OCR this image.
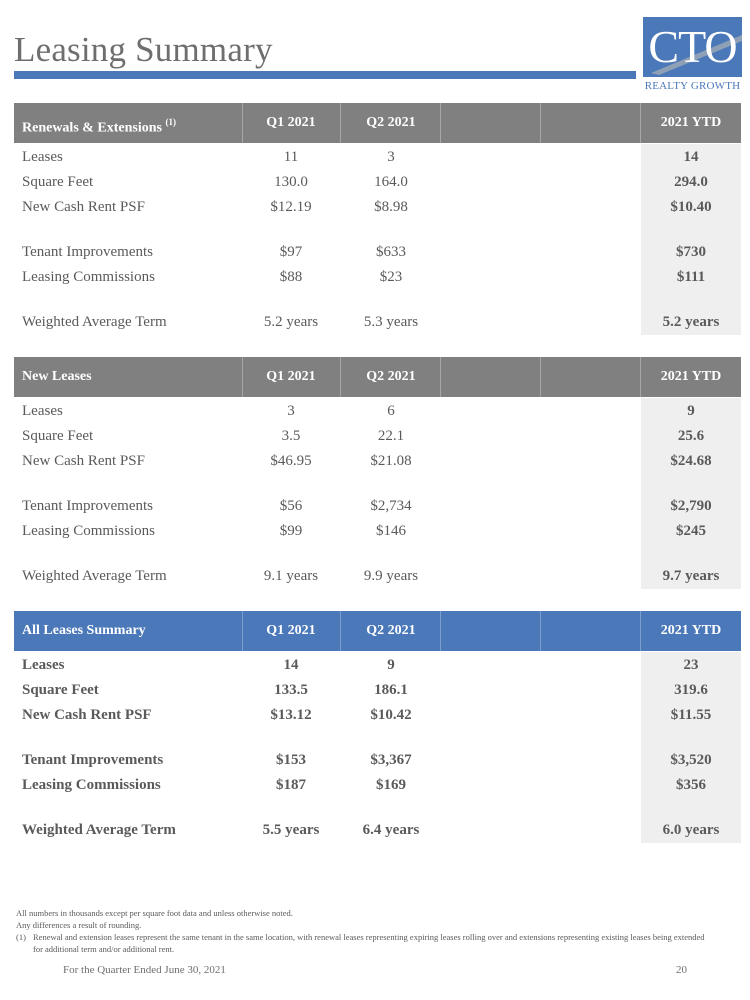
Leasing Summary	CTO
REALTY GROWTH
Renewals & Extensions $^{(1)}$	Q1 2021	Q2 2021	2021 YTD
Leases	11	3	14
Square Feet	130.0	164.0	294.0
New Cash Rent PSF	$12.19	$8.98	$10.40
Tenant Improvements	$97	$633	$730
Leasing Commissions	$88	$23	$111
Weighted Average Term	5.2 years	5.3 years	5.2 years
New Leases	Q1 2021	Q2 2021	2021 YTD
Leases	3	6	9
Square Feet	3.5	22.1	25.6
New Cash Rent PSF	$46.95	$21.08	$24.68
Tenant Improvements	$56	$2,734	$2,790
Leasing Commissions	$99	$146	$245
Weighted Average Term	9.1 years	9.9 years	9.7 years
All Leases Summary	Q1 2021	Q2 2021	2021 YTD
Leases	14	9	23
Square Feet	133.5	186.1	319.6
New Cash Rent PSF	$13.12	$10.42	$11.55
Tenant Improvements	$153	$3,367	$3,520
Leasing Commissions	$187	$169	$356
Weighted Average Term	5.5 years	6.4 years	6.0 years
All numbers in thousands except per square foot data and unless otherwise noted.
Any differences a result of rounding.
(1) Renewal and extension leases represent the same tenant in the same location, with renewal leases representing expiring leases rolling over and extensions representing existing leases being extended for additional term and/or additional rent.
For the Quarter Ended June 30, 2021	20
